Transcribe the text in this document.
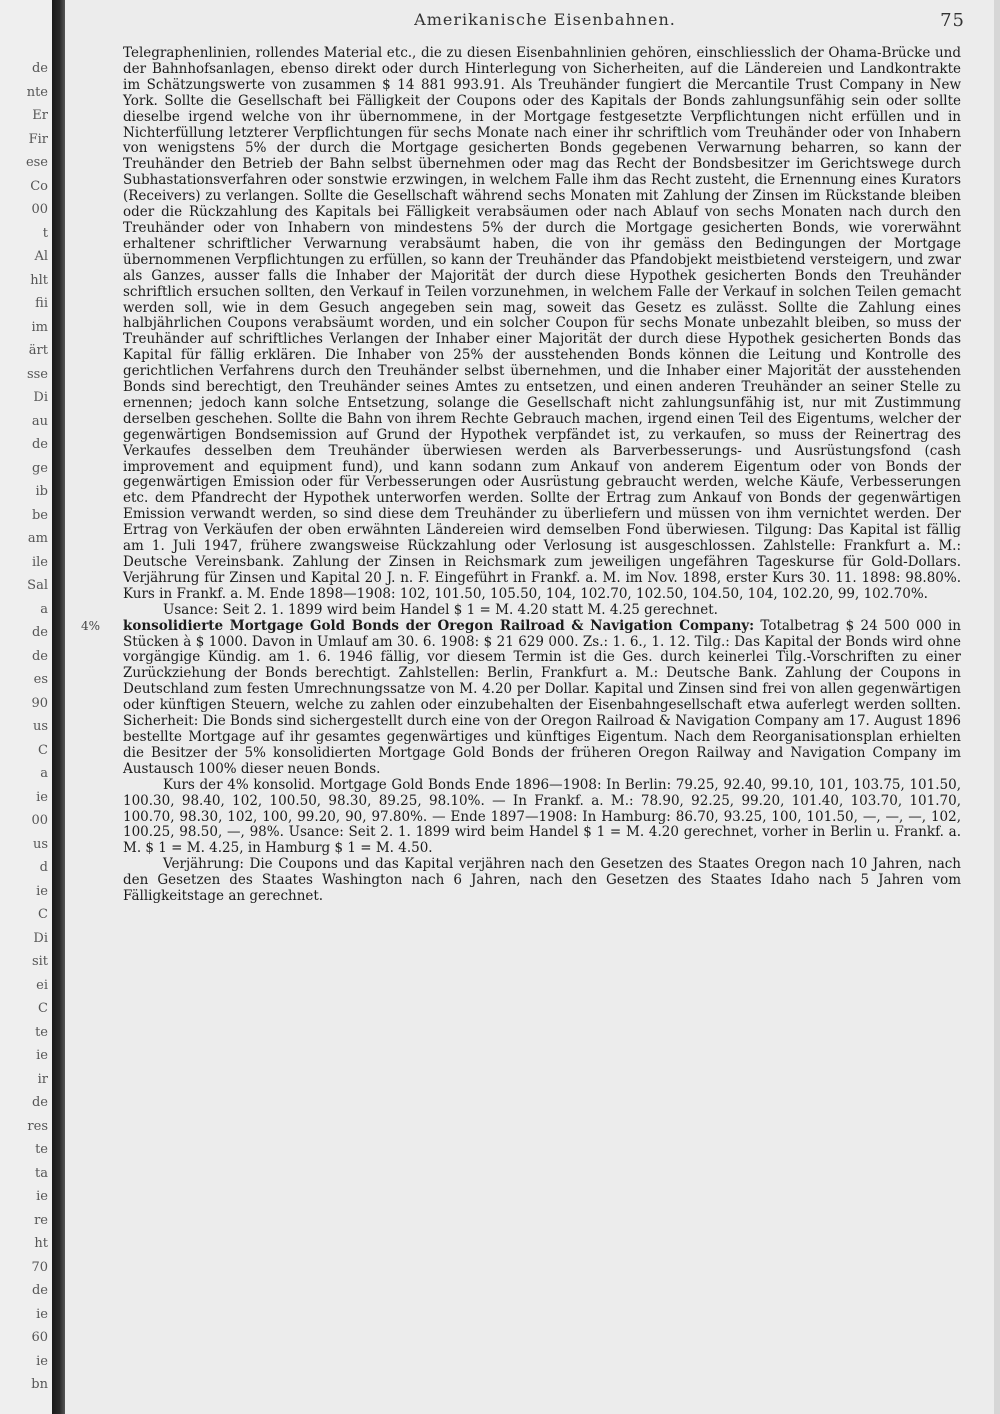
de
nte
Er
Fir
ese
Co
00
t
Al
hlt
fii
im
ärt
sse
Di
au
de
ge
ib
be
am
ile
Sal
a
de
de
es
90
us
C
a
ie
00
us
d
ie
C
Di
sit
ei
C
te
ie
ir
de
res
te
ta
ie
re
ht
70
de
ie
60
ie
bn
Amerikanische Eisenbahnen.	75

Telegraphenlinien, rollendes Material etc., die zu diesen Eisenbahnlinien gehören, einschliesslich der Ohama-Brücke und der Bahnhofsanlagen, ebenso direkt oder durch Hinterlegung von Sicherheiten, auf die Ländereien und Landkontrakte im Schätzungswerte von zusammen $ 14 881 993.91. Als Treuhänder fungiert die Mercantile Trust Company in New York. Sollte die Gesellschaft bei Fälligkeit der Coupons oder des Kapitals der Bonds zahlungsunfähig sein oder sollte dieselbe irgend welche von ihr übernommene, in der Mortgage festgesetzte Verpflichtungen nicht erfüllen und in Nichterfüllung letzterer Verpflichtungen für sechs Monate nach einer ihr schriftlich vom Treuhänder oder von Inhabern von wenigstens 5% der durch die Mortgage gesicherten Bonds gegebenen Verwarnung beharren, so kann der Treuhänder den Betrieb der Bahn selbst übernehmen oder mag das Recht der Bondsbesitzer im Gerichtswege durch Subhastationsverfahren oder sonstwie erzwingen, in welchem Falle ihm das Recht zusteht, die Ernennung eines Kurators (Receivers) zu verlangen. Sollte die Gesellschaft während sechs Monaten mit Zahlung der Zinsen im Rückstande bleiben oder die Rückzahlung des Kapitals bei Fälligkeit verabsäumen oder nach Ablauf von sechs Monaten nach durch den Treuhänder oder von Inhabern von mindestens 5% der durch die Mortgage gesicherten Bonds, wie vorerwähnt erhaltener schriftlicher Verwarnung verabsäumt haben, die von ihr gemäss den Bedingungen der Mortgage übernommenen Verpflichtungen zu erfüllen, so kann der Treuhänder das Pfandobjekt meistbietend versteigern, und zwar als Ganzes, ausser falls die Inhaber der Majorität der durch diese Hypothek gesicherten Bonds den Treuhänder schriftlich ersuchen sollten, den Verkauf in Teilen vorzunehmen, in welchem Falle der Verkauf in solchen Teilen gemacht werden soll, wie in dem Gesuch angegeben sein mag, soweit das Gesetz es zulässt. Sollte die Zahlung eines halbjährlichen Coupons verabsäumt worden, und ein solcher Coupon für sechs Monate unbezahlt bleiben, so muss der Treuhänder auf schriftliches Verlangen der Inhaber einer Majorität der durch diese Hypothek gesicherten Bonds das Kapital für fällig erklären. Die Inhaber von 25% der ausstehenden Bonds können die Leitung und Kontrolle des gerichtlichen Verfahrens durch den Treuhänder selbst übernehmen, und die Inhaber einer Majorität der ausstehenden Bonds sind berechtigt, den Treuhänder seines Amtes zu entsetzen, und einen anderen Treuhänder an seiner Stelle zu ernennen; jedoch kann solche Entsetzung, solange die Gesellschaft nicht zahlungsunfähig ist, nur mit Zustimmung derselben geschehen. Sollte die Bahn von ihrem Rechte Gebrauch machen, irgend einen Teil des Eigentums, welcher der gegenwärtigen Bondsemission auf Grund der Hypothek verpfändet ist, zu verkaufen, so muss der Reinertrag des Verkaufes desselben dem Treuhänder überwiesen werden als Barverbesserungs- und Ausrüstungsfond (cash improvement and equipment fund), und kann sodann zum Ankauf von anderem Eigentum oder von Bonds der gegenwärtigen Emission oder für Verbesserungen oder Ausrüstung gebraucht werden, welche Käufe, Verbesserungen etc. dem Pfandrecht der Hypothek unterworfen werden. Sollte der Ertrag zum Ankauf von Bonds der gegenwärtigen Emission verwandt werden, so sind diese dem Treuhänder zu überliefern und müssen von ihm vernichtet werden. Der Ertrag von Verkäufen der oben erwähnten Ländereien wird demselben Fond überwiesen. Tilgung: Das Kapital ist fällig am 1. Juli 1947, frühere zwangsweise Rückzahlung oder Verlosung ist ausgeschlossen. Zahlstelle: Frankfurt a. M.: Deutsche Vereinsbank. Zahlung der Zinsen in Reichsmark zum jeweiligen ungefähren Tageskurse für Gold-Dollars. Verjährung für Zinsen und Kapital 20 J. n. F. Eingeführt in Frankf. a. M. im Nov. 1898, erster Kurs 30. 11. 1898: 98.80%. Kurs in Frankf. a. M. Ende 1898—1908: 102, 101.50, 105.50, 104, 102.70, 102.50, 104.50, 104, 102.20, 99, 102.70%.

Usance: Seit 2. 1. 1899 wird beim Handel $ 1 = M. 4.20 statt M. 4.25 gerechnet.

4% konsolidierte Mortgage Gold Bonds der Oregon Railroad & Navigation Company: Totalbetrag $ 24 500 000 in Stücken à $ 1000. Davon in Umlauf am 30. 6. 1908: $ 21 629 000. Zs.: 1. 6., 1. 12. Tilg.: Das Kapital der Bonds wird ohne vorgängige Kündig. am 1. 6. 1946 fällig, vor diesem Termin ist die Ges. durch keinerlei Tilg.-Vorschriften zu einer Zurückziehung der Bonds berechtigt. Zahlstellen: Berlin, Frankfurt a. M.: Deutsche Bank. Zahlung der Coupons in Deutschland zum festen Umrechnungssatze von M. 4.20 per Dollar. Kapital und Zinsen sind frei von allen gegenwärtigen oder künftigen Steuern, welche zu zahlen oder einzubehalten der Eisenbahngesellschaft etwa auferlegt werden sollten. Sicherheit: Die Bonds sind sichergestellt durch eine von der Oregon Railroad & Navigation Company am 17. August 1896 bestellte Mortgage auf ihr gesamtes gegenwärtiges und künftiges Eigentum. Nach dem Reorganisationsplan erhielten die Besitzer der 5% konsolidierten Mortgage Gold Bonds der früheren Oregon Railway and Navigation Company im Austausch 100% dieser neuen Bonds.

Kurs der 4% konsolid. Mortgage Gold Bonds Ende 1896—1908: In Berlin: 79.25, 92.40, 99.10, 101, 103.75, 101.50, 100.30, 98.40, 102, 100.50, 98.30, 89.25, 98.10%. — In Frankf. a. M.: 78.90, 92.25, 99.20, 101.40, 103.70, 101.70, 100.70, 98.30, 102, 100, 99.20, 90, 97.80%. — Ende 1897—1908: In Hamburg: 86.70, 93.25, 100, 101.50, —, —, —, 102, 100.25, 98.50, —, 98%. Usance: Seit 2. 1. 1899 wird beim Handel $ 1 = M. 4.20 gerechnet, vorher in Berlin u. Frankf. a. M. $ 1 = M. 4.25, in Hamburg $ 1 = M. 4.50.

Verjährung: Die Coupons und das Kapital verjähren nach den Gesetzen des Staates Oregon nach 10 Jahren, nach den Gesetzen des Staates Washington nach 6 Jahren, nach den Gesetzen des Staates Idaho nach 5 Jahren vom Fälligkeitstage an gerechnet.
